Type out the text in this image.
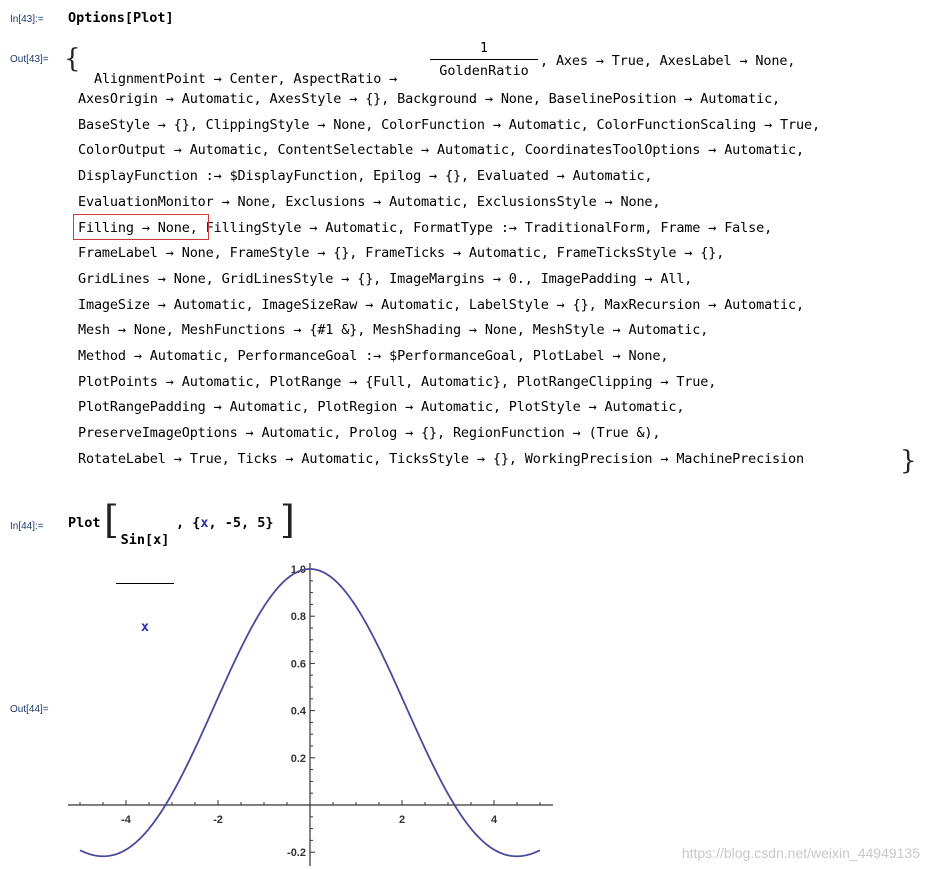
In[43]:= Options[Plot]
Out[43]= {

AlignmentPoint → Center, AspectRatio →

1
GoldenRatio
, Axes → True, AxesLabel → None,
AxesOrigin → Automatic, AxesStyle → {}, Background → None, BaselinePosition → Automatic,
BaseStyle → {}, ClippingStyle → None, ColorFunction → Automatic, ColorFunctionScaling → True,
ColorOutput → Automatic, ContentSelectable → Automatic, CoordinatesToolOptions → Automatic,
DisplayFunction :→ $DisplayFunction, Epilog → {}, Evaluated → Automatic,
EvaluationMonitor → None, Exclusions → Automatic, ExclusionsStyle → None,
Filling → None, FillingStyle → Automatic, FormatType :→ TraditionalForm, Frame → False,
FrameLabel → None, FrameStyle → {}, FrameTicks → Automatic, FrameTicksStyle → {},
GridLines → None, GridLinesStyle → {}, ImageMargins → 0., ImagePadding → All,
ImageSize → Automatic, ImageSizeRaw → Automatic, LabelStyle → {}, MaxRecursion → Automatic,
Mesh → None, MeshFunctions → {#1 &}, MeshShading → None, MeshStyle → Automatic,
Method → Automatic, PerformanceGoal :→ $PerformanceGoal, PlotLabel → None,
PlotPoints → Automatic, PlotRange → {Full, Automatic}, PlotRangeClipping → True,
PlotRangePadding → Automatic, PlotRegion → Automatic, PlotStyle → Automatic,
PreserveImageOptions → Automatic, Prolog → {}, RegionFunction → (True &),
RotateLabel → True, Ticks → Automatic, TicksStyle → {}, WorkingPrecision → MachinePrecision	}
In[44]:= Plot [

Sin[x]

x

, {x, -5, 5} ]
Out[44]=
-4	-2	2	4
-0.2
0.2
0.4
0.6
0.8
1.0
https://blog.csdn.net/weixin_44949135
